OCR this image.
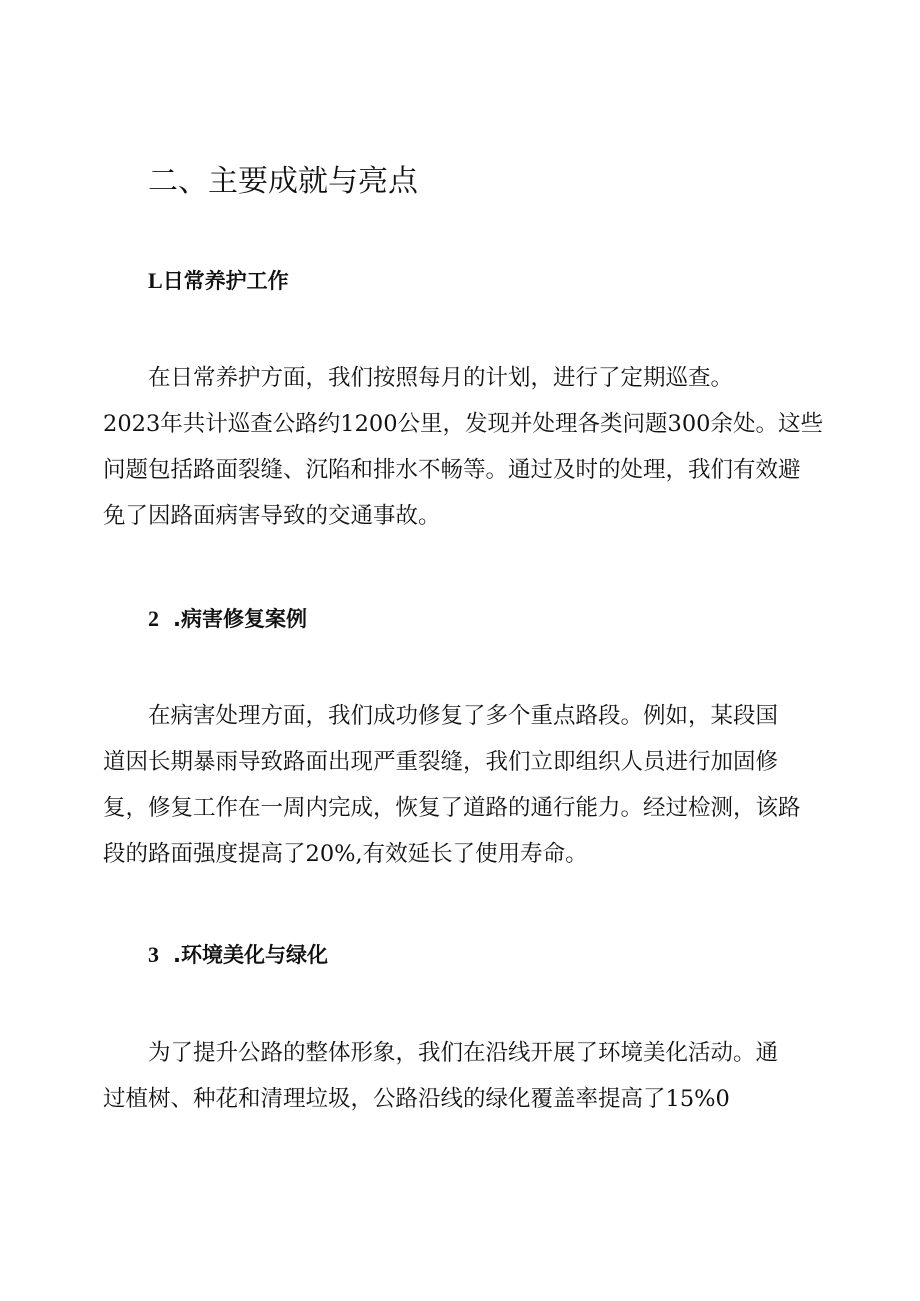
二、主要成就与亮点
L日常养护工作
在日常养护方面，我们按照每月的计划，进行了定期巡查。
2023年共计巡查公路约1200公里，发现并处理各类问题300余处。这些
问题包括路面裂缝、沉陷和排水不畅等。通过及时的处理，我们有效避
免了因路面病害导致的交通事故。
2 .病害修复案例
在病害处理方面，我们成功修复了多个重点路段。例如，某段国
道因长期暴雨导致路面出现严重裂缝，我们立即组织人员进行加固修
复，修复工作在一周内完成，恢复了道路的通行能力。经过检测，该路
段的路面强度提高了20%,有效延长了使用寿命。
3 .环境美化与绿化
为了提升公路的整体形象，我们在沿线开展了环境美化活动。通
过植树、种花和清理垃圾，公路沿线的绿化覆盖率提高了15%0
